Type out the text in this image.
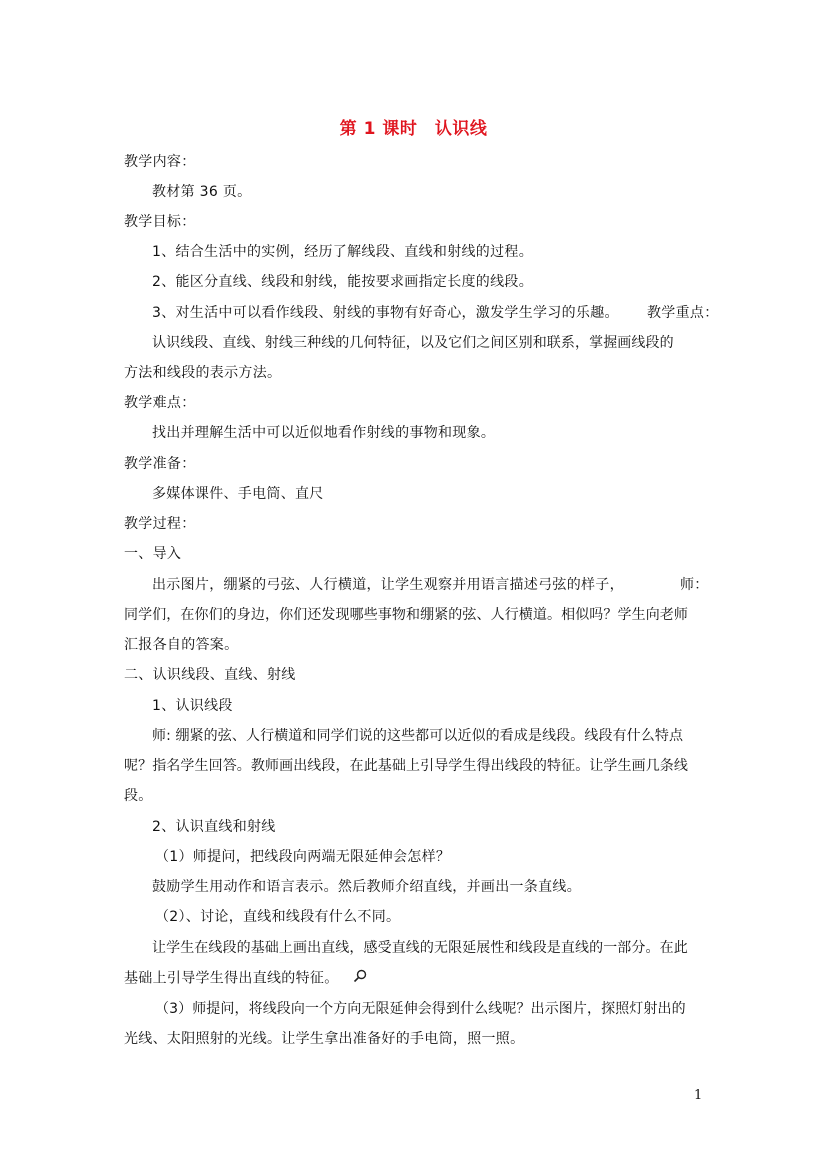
第 1 课时　认识线
教学内容：
教材第 36 页。
教学目标：
1、结合生活中的实例，经历了解线段、直线和射线的过程。
2、能区分直线、线段和射线，能按要求画指定长度的线段。
3、对生活中可以看作线段、射线的事物有好奇心，激发学生学习的乐趣。 教学重点：
认识线段、直线、射线三种线的几何特征，以及它们之间区别和联系，掌握画线段的
方法和线段的表示方法。
教学难点：
找出并理解生活中可以近似地看作射线的事物和现象。
教学准备：
多媒体课件、手电筒、直尺
教学过程：
一、导入
出示图片，绷紧的弓弦、人行横道，让学生观察并用语言描述弓弦的样子，	师：
同学们，在你们的身边，你们还发现哪些事物和绷紧的弦、人行横道。相似吗？学生向老师
汇报各自的答案。
二、认识线段、直线、射线
1、认识线段
师: 绷紧的弦、人行横道和同学们说的这些都可以近似的看成是线段。线段有什么特点
呢？指名学生回答。教师画出线段，在此基础上引导学生得出线段的特征。让学生画几条线
段。
2、认识直线和射线
（1）师提问，把线段向两端无限延伸会怎样？
鼓励学生用动作和语言表示。然后教师介绍直线，并画出一条直线。
（2）、讨论，直线和线段有什么不同。
让学生在线段的基础上画出直线，感受直线的无限延展性和线段是直线的一部分。在此
基础上引导学生得出直线的特征。
（3）师提问，将线段向一个方向无限延伸会得到什么线呢？出示图片，探照灯射出的
光线、太阳照射的光线。让学生拿出准备好的手电筒，照一照。
1
